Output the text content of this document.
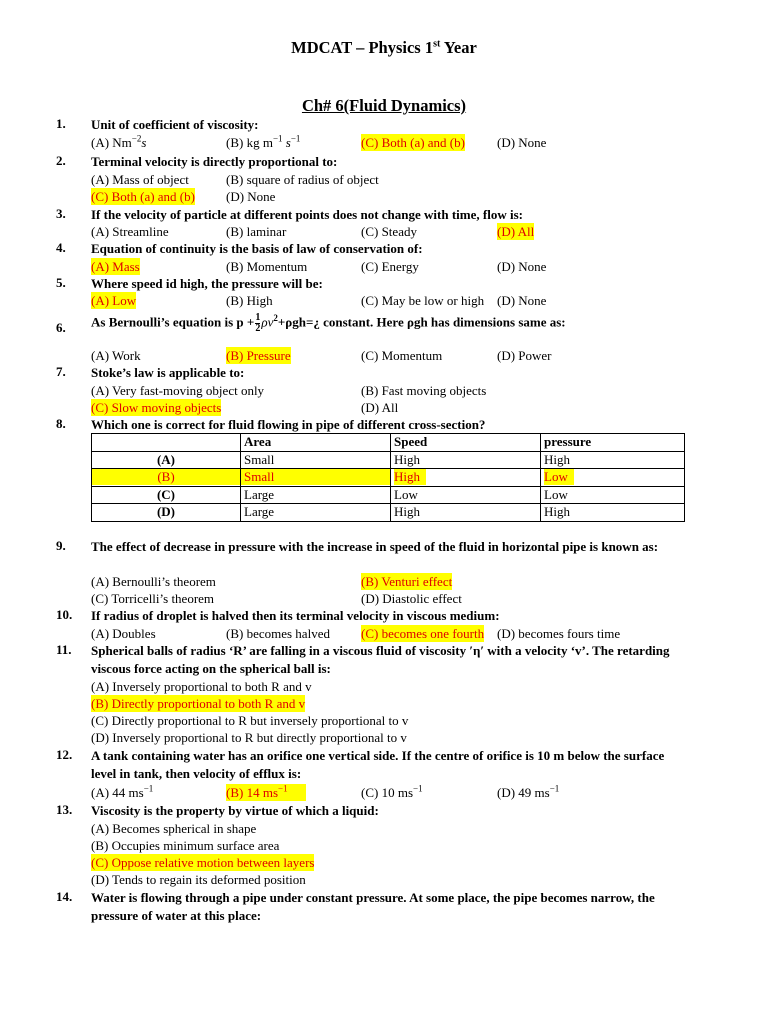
MDCAT – Physics 1st Year
Ch# 6(Fluid Dynamics)
1. Unit of coefficient of viscosity:
(A) $Nm^{-2}s$	(B) kg $m^{-1}$ $s^{-1}$	(C) Both (a) and (b) (D) None
2. Terminal velocity is directly proportional to:
(A) Mass of object	(B) square of radius of object
(C) Both (a) and (b) (D) None
3. If the velocity of particle at different points does not change with time, flow is:
(A) Streamline	(B) laminar	(C) Steady	(D) All
4. Equation of continuity is the basis of law of conservation of:
(A) Mass	(B) Momentum	(C) Energy	(D) None
5. Where speed id high, the pressure will be:
(A) Low	(B) High	(C) May be low or high (D) None
6. As Bernoulli’s equation is $p + \frac{1}{2}$ $\rho v^2+\rho gh=¿$ constant. Here ρgh has dimensions same as:
(A) Work	(B) Pressure	(C) Momentum	(D) Power
7. Stoke’s law is applicable to:
(A) Very fast-moving object only	(B) Fast moving objects
(C) Slow moving objects	(D) All
8. Which one is correct for fluid flowing in pipe of different cross-section?
	Area	Speed	pressure
(A)	Small	High	High

(B)	Small	High	Low
(C)	Large	Low	Low
(D)	Large	High	High
9. The effect of decrease in pressure with the increase in speed of the fluid in horizontal pipe is known as:
(A) Bernoulli’s theorem	(B) Venturi effect
(C) Torricelli’s theorem	(D) Diastolic effect
10. If radius of droplet is halved then its terminal velocity in viscous medium:
(A) Doubles	(B) becomes halved (C) becomes one fourth (D) becomes fours time
11. Spherical balls of radius ‘R’ are falling in a viscous fluid of viscosity ′η′ with a velocity ‘v’. The retarding viscous force acting on the spherical ball is:
(A) Inversely proportional to both R and v
(B) Directly proportional to both R and v
(C) Directly proportional to R but inversely proportional to v
(D) Inversely proportional to R but directly proportional to v
12. A tank containing water has an orifice one vertical side. If the centre of orifice is 10 m below the surface level in tank, then velocity of efflux is:
(A) 44 $ms^{-1}$	(B) 14 $ms^{-1}$	(C) 10 $ms^{-1}$	(D) 49 $ms^{-1}$
13. Viscosity is the property by virtue of which a liquid:
(A) Becomes spherical in shape
(B) Occupies minimum surface area
(C) Oppose relative motion between layers
(D) Tends to regain its deformed position
14. Water is flowing through a pipe under constant pressure. At some place, the pipe becomes narrow, the pressure of water at this place:
